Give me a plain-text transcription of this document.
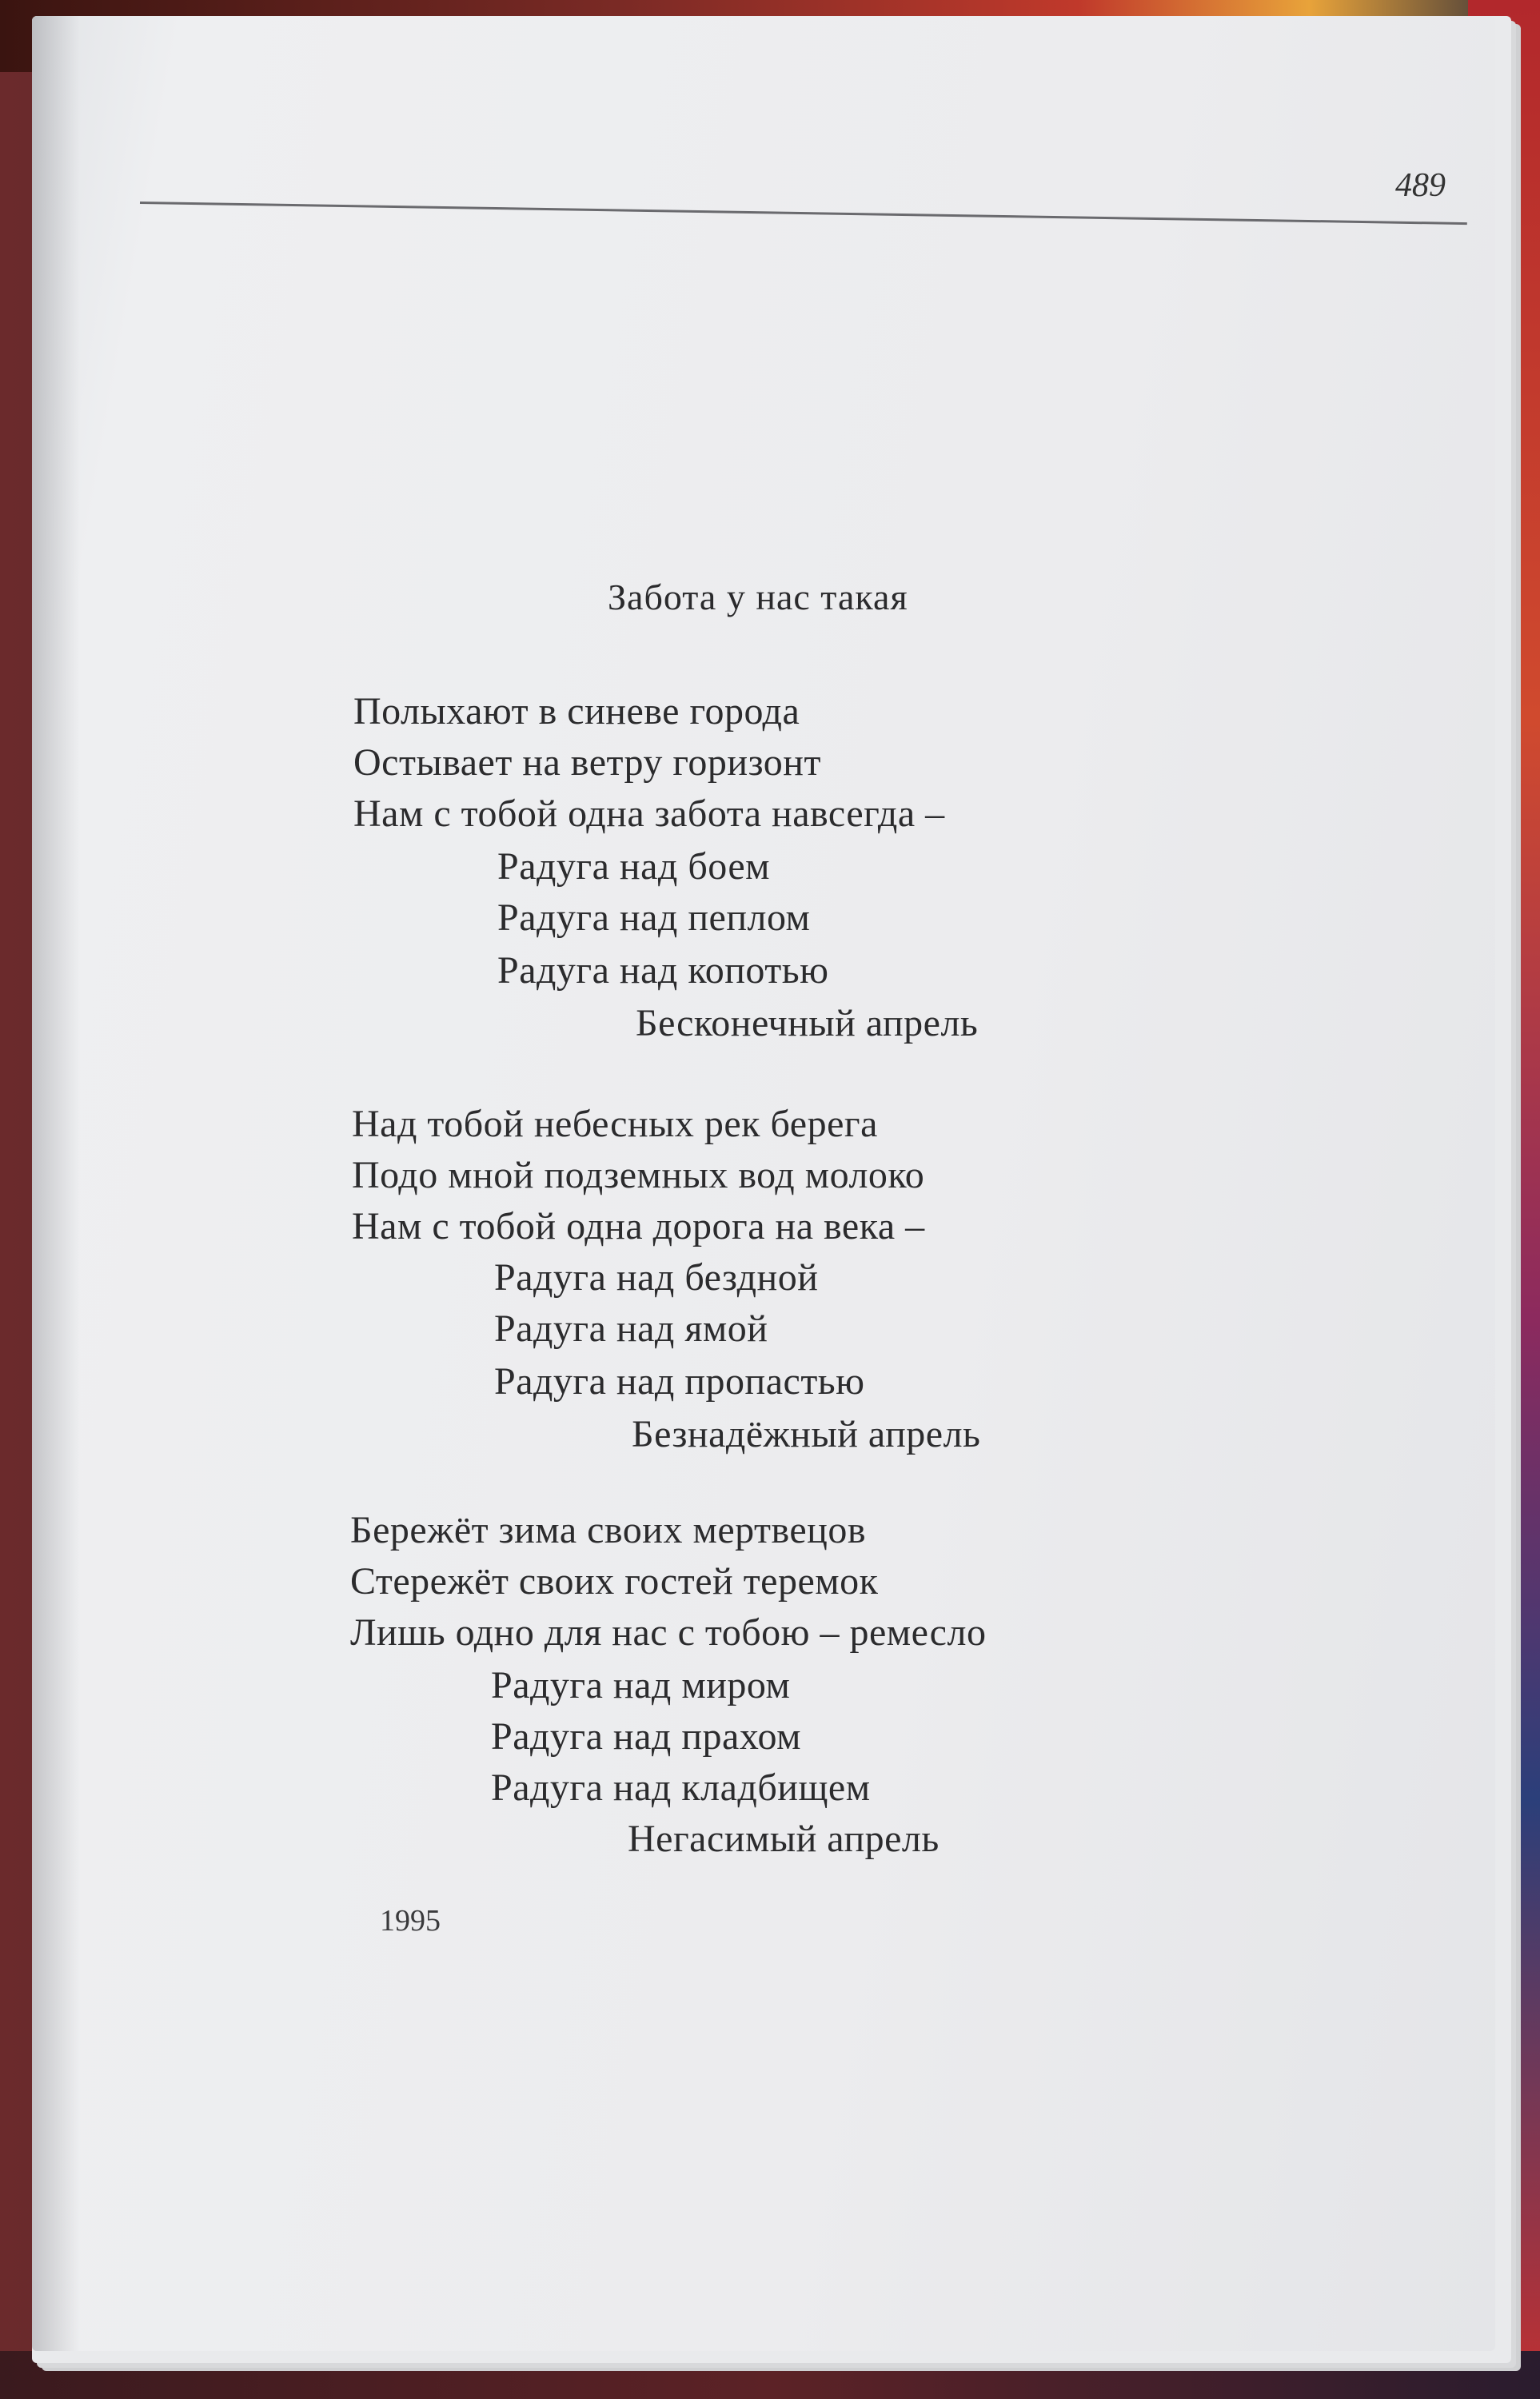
489
Забота у нас такая
Полыхают в синеве города
Остывает на ветру горизонт
Нам с тобой одна забота навсегда –
Радуга над боем
Радуга над пеплом
Радуга над копотью
Бесконечный апрель
Над тобой небесных рек берега
Подо мной подземных вод молоко
Нам с тобой одна дорога на века –
Радуга над бездной
Радуга над ямой
Радуга над пропастью
Безнадёжный апрель
Бережёт зима своих мертвецов
Стережёт своих гостей теремок
Лишь одно для нас с тобою – ремесло
Радуга над миром
Радуга над прахом
Радуга над кладбищем
Негасимый апрель
1995
